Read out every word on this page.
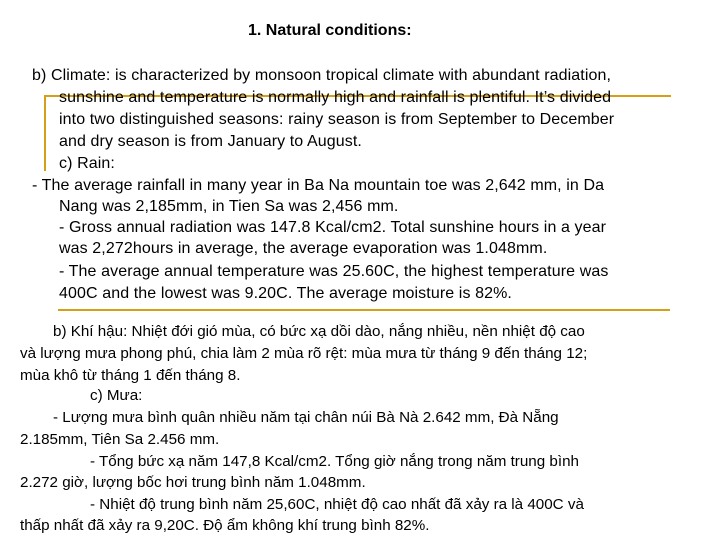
1. Natural conditions:
b) Climate: is characterized by monsoon tropical climate with abundant radiation,
sunshine and temperature is normally high and rainfall is plentiful. It’s divided
into two distinguished seasons: rainy season is from September to December
and dry season is from January to August.
c) Rain:
- The average rainfall in many year in Ba Na mountain toe was 2,642 mm, in Da
Nang was 2,185mm, in Tien Sa was 2,456 mm.
- Gross annual radiation was 147.8 Kcal/cm2. Total sunshine hours in a year
was 2,272hours in average, the average evaporation was 1.048mm.
- The average annual temperature was 25.60C, the highest temperature was
400C and the lowest was 9.20C. The average moisture is 82%.
b) Khí hậu: Nhiệt đới gió mùa, có bức xạ dồi dào, nắng nhiều, nền nhiệt độ cao
và lượng mưa phong phú, chia làm 2 mùa rõ rệt: mùa mưa từ tháng 9 đến tháng 12;
mùa khô từ tháng 1 đến tháng 8.
c) Mưa:
- Lượng mưa bình quân nhiều năm tại chân núi Bà Nà 2.642 mm, Đà Nẵng
2.185mm, Tiên Sa 2.456 mm.
- Tổng bức xạ năm 147,8 Kcal/cm2. Tổng giờ nắng trong năm trung bình
2.272 giờ, lượng bốc hơi trung bình năm 1.048mm.
- Nhiệt độ trung bình năm 25,60C, nhiệt độ cao nhất đã xảy ra là 400C và
thấp nhất đã xảy ra 9,20C. Độ ẩm không khí trung bình 82%.
